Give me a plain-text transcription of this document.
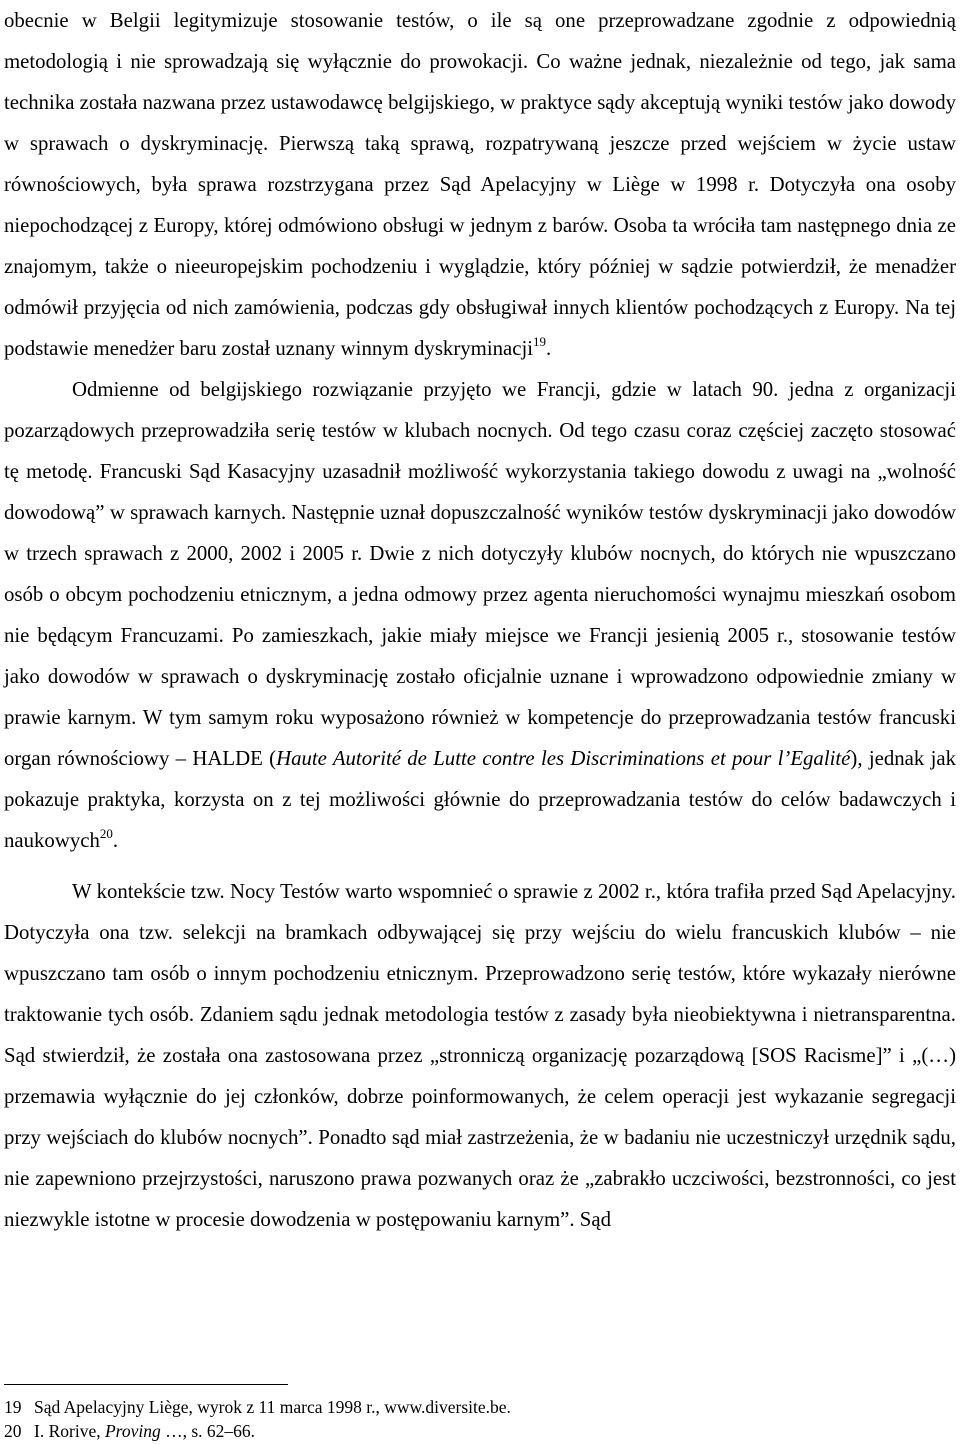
obecnie w Belgii legitymizuje stosowanie testów, o ile są one przeprowadzane zgodnie z odpowiednią metodologią i nie sprowadzają się wyłącznie do prowokacji. Co ważne jednak, niezależnie od tego, jak sama technika została nazwana przez ustawodawcę belgijskiego, w praktyce sądy akceptują wyniki testów jako dowody w sprawach o dyskryminację. Pierwszą taką sprawą, rozpatrywaną jeszcze przed wejściem w życie ustaw równościowych, była sprawa rozstrzygana przez Sąd Apelacyjny w Liège w 1998 r. Dotyczyła ona osoby niepochodzącej z Europy, której odmówiono obsługi w jednym z barów. Osoba ta wróciła tam następnego dnia ze znajomym, także o nieeuropejskim pochodzeniu i wyglądzie, który później w sądzie potwierdził, że menadżer odmówił przyjęcia od nich zamówienia, podczas gdy obsługiwał innych klientów pochodzących z Europy. Na tej podstawie menedżer baru został uznany winnym dyskryminacji$^{19}$.

Odmienne od belgijskiego rozwiązanie przyjęto we Francji, gdzie w latach 90. jedna z organizacji pozarządowych przeprowadziła serię testów w klubach nocnych. Od tego czasu coraz częściej zaczęto stosować tę metodę. Francuski Sąd Kasacyjny uzasadnił możliwość wykorzystania takiego dowodu z uwagi na „wolność dowodową” w sprawach karnych. Następnie uznał dopuszczalność wyników testów dyskryminacji jako dowodów w trzech sprawach z 2000, 2002 i 2005 r. Dwie z nich dotyczyły klubów nocnych, do których nie wpuszczano osób o obcym pochodzeniu etnicznym, a jedna odmowy przez agenta nieruchomości wynajmu mieszkań osobom nie będącym Francuzami. Po zamieszkach, jakie miały miejsce we Francji jesienią 2005 r., stosowanie testów jako dowodów w sprawach o dyskryminację zostało oficjalnie uznane i wprowadzono odpowiednie zmiany w prawie karnym. W tym samym roku wyposażono również w kompetencje do przeprowadzania testów francuski organ równościowy – HALDE (Haute Autorité de Lutte contre les Discriminations et pour l’Egalité), jednak jak pokazuje praktyka, korzysta on z tej możliwości głównie do przeprowadzania testów do celów badawczych i naukowych$^{20}$.

W kontekście tzw. Nocy Testów warto wspomnieć o sprawie z 2002 r., która trafiła przed Sąd Apelacyjny. Dotyczyła ona tzw. selekcji na bramkach odbywającej się przy wejściu do wielu francuskich klubów – nie wpuszczano tam osób o innym pochodzeniu etnicznym. Przeprowadzono serię testów, które wykazały nierówne traktowanie tych osób. Zdaniem sądu jednak metodologia testów z zasady była nieobiektywna i nietransparentna. Sąd stwierdził, że została ona zastosowana przez „stronniczą organizację pozarządową [SOS Racisme]” i „(…) przemawia wyłącznie do jej członków, dobrze poinformowanych, że celem operacji jest wykazanie segregacji przy wejściach do klubów nocnych”. Ponadto sąd miał zastrzeżenia, że w badaniu nie uczestniczył urzędnik sądu, nie zapewniono przejrzystości, naruszono prawa pozwanych oraz że „zabrakło uczciwości, bezstronności, co jest niezwykle istotne w procesie dowodzenia w postępowaniu karnym”. Sąd

19 Sąd Apelacyjny Liège, wyrok z 11 marca 1998 r., www.diversite.be.
20 I. Rorive, Proving …, s. 62–66.
